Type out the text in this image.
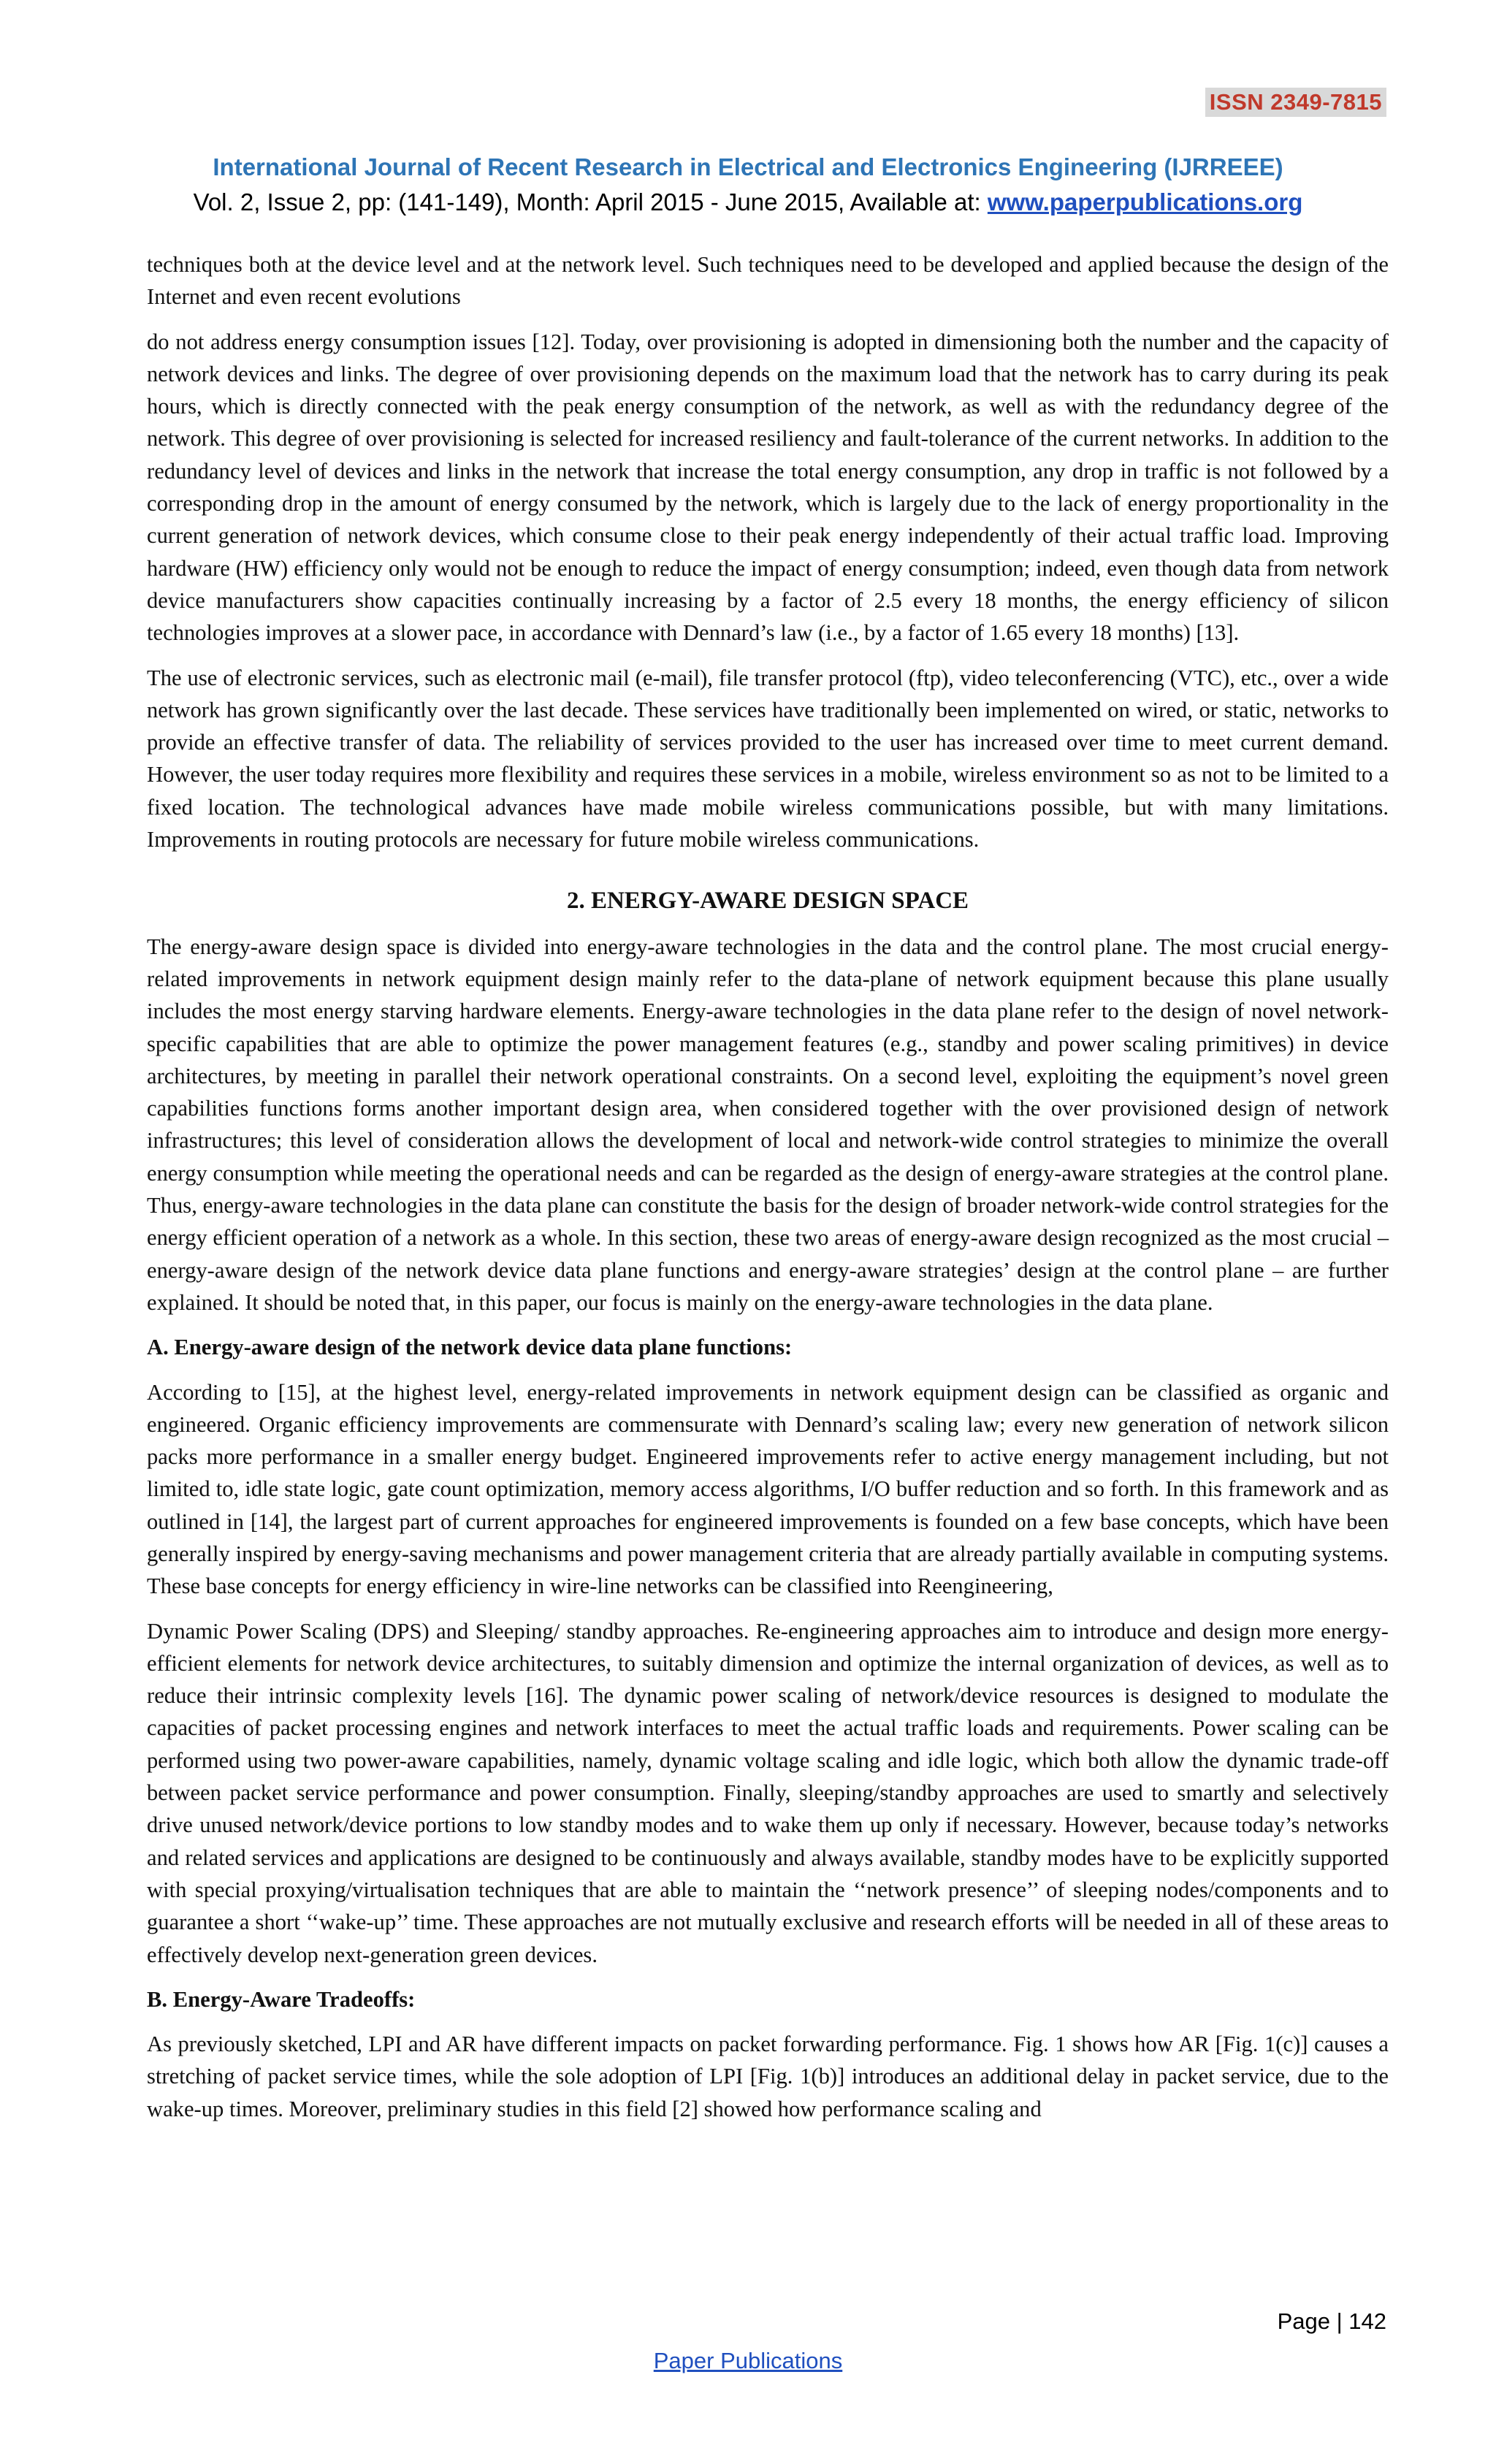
ISSN 2349-7815
International Journal of Recent Research in Electrical and Electronics Engineering (IJRREEE)
Vol. 2, Issue 2, pp: (141-149), Month: April 2015 - June 2015, Available at: www.paperpublications.org

techniques both at the device level and at the network level. Such techniques need to be developed and applied because the design of the Internet and even recent evolutions

do not address energy consumption issues [12]. Today, over provisioning is adopted in dimensioning both the number and the capacity of network devices and links. The degree of over provisioning depends on the maximum load that the network has to carry during its peak hours, which is directly connected with the peak energy consumption of the network, as well as with the redundancy degree of the network. This degree of over provisioning is selected for increased resiliency and fault-tolerance of the current networks. In addition to the redundancy level of devices and links in the network that increase the total energy consumption, any drop in traffic is not followed by a corresponding drop in the amount of energy consumed by the network, which is largely due to the lack of energy proportionality in the current generation of network devices, which consume close to their peak energy independently of their actual traffic load. Improving hardware (HW) efficiency only would not be enough to reduce the impact of energy consumption; indeed, even though data from network device manufacturers show capacities continually increasing by a factor of 2.5 every 18 months, the energy efficiency of silicon technologies improves at a slower pace, in accordance with Dennard’s law (i.e., by a factor of 1.65 every 18 months) [13].

The use of electronic services, such as electronic mail (e-mail), file transfer protocol (ftp), video teleconferencing (VTC), etc., over a wide network has grown significantly over the last decade. These services have traditionally been implemented on wired, or static, networks to provide an effective transfer of data. The reliability of services provided to the user has increased over time to meet current demand. However, the user today requires more flexibility and requires these services in a mobile, wireless environment so as not to be limited to a fixed location. The technological advances have made mobile wireless communications possible, but with many limitations. Improvements in routing protocols are necessary for future mobile wireless communications.

2. ENERGY-AWARE DESIGN SPACE

The energy-aware design space is divided into energy-aware technologies in the data and the control plane. The most crucial energy-related improvements in network equipment design mainly refer to the data-plane of network equipment because this plane usually includes the most energy starving hardware elements. Energy-aware technologies in the data plane refer to the design of novel network-specific capabilities that are able to optimize the power management features (e.g., standby and power scaling primitives) in device architectures, by meeting in parallel their network operational constraints. On a second level, exploiting the equipment’s novel green capabilities functions forms another important design area, when considered together with the over provisioned design of network infrastructures; this level of consideration allows the development of local and network-wide control strategies to minimize the overall energy consumption while meeting the operational needs and can be regarded as the design of energy-aware strategies at the control plane. Thus, energy-aware technologies in the data plane can constitute the basis for the design of broader network-wide control strategies for the energy efficient operation of a network as a whole. In this section, these two areas of energy-aware design recognized as the most crucial – energy-aware design of the network device data plane functions and energy-aware strategies’ design at the control plane – are further explained. It should be noted that, in this paper, our focus is mainly on the energy-aware technologies in the data plane.

A. Energy-aware design of the network device data plane functions:

According to [15], at the highest level, energy-related improvements in network equipment design can be classified as organic and engineered. Organic efficiency improvements are commensurate with Dennard’s scaling law; every new generation of network silicon packs more performance in a smaller energy budget. Engineered improvements refer to active energy management including, but not limited to, idle state logic, gate count optimization, memory access algorithms, I/O buffer reduction and so forth. In this framework and as outlined in [14], the largest part of current approaches for engineered improvements is founded on a few base concepts, which have been generally inspired by energy-saving mechanisms and power management criteria that are already partially available in computing systems. These base concepts for energy efficiency in wire-line networks can be classified into Reengineering,

Dynamic Power Scaling (DPS) and Sleeping/ standby approaches. Re-engineering approaches aim to introduce and design more energy-efficient elements for network device architectures, to suitably dimension and optimize the internal organization of devices, as well as to reduce their intrinsic complexity levels [16]. The dynamic power scaling of network/device resources is designed to modulate the capacities of packet processing engines and network interfaces to meet the actual traffic loads and requirements. Power scaling can be performed using two power-aware capabilities, namely, dynamic voltage scaling and idle logic, which both allow the dynamic trade-off between packet service performance and power consumption. Finally, sleeping/standby approaches are used to smartly and selectively drive unused network/device portions to low standby modes and to wake them up only if necessary. However, because today’s networks and related services and applications are designed to be continuously and always available, standby modes have to be explicitly supported with special proxying/virtualisation techniques that are able to maintain the ‘‘network presence’’ of sleeping nodes/components and to guarantee a short ‘‘wake-up’’ time. These approaches are not mutually exclusive and research efforts will be needed in all of these areas to effectively develop next-generation green devices.

B. Energy-Aware Tradeoffs:

As previously sketched, LPI and AR have different impacts on packet forwarding performance. Fig. 1 shows how AR [Fig. 1(c)] causes a stretching of packet service times, while the sole adoption of LPI [Fig. 1(b)] introduces an additional delay in packet service, due to the wake-up times. Moreover, preliminary studies in this field [2] showed how performance scaling and

Page | 142
Paper Publications
